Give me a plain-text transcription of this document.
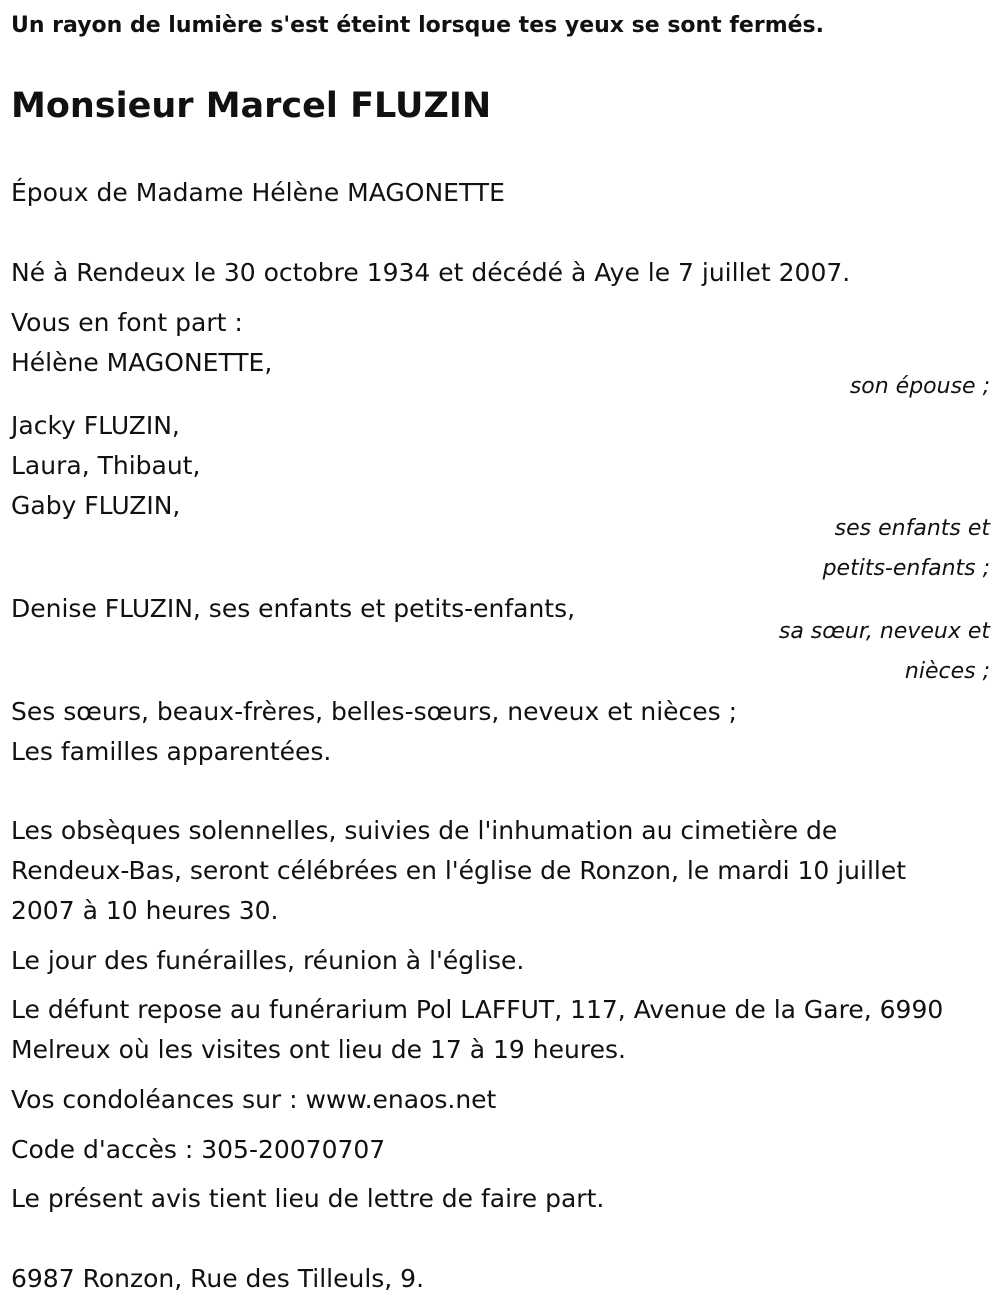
Un rayon de lumière s'est éteint lorsque tes yeux se sont fermés.
Monsieur Marcel FLUZIN
Époux de Madame Hélène MAGONETTE
Né à Rendeux le 30 octobre 1934 et décédé à Aye le 7 juillet 2007.
Vous en font part :
Hélène MAGONETTE,
son épouse ;
Jacky FLUZIN,
Laura, Thibaut,
Gaby FLUZIN,
ses enfants et
petits-enfants ;
Denise FLUZIN, ses enfants et petits-enfants,
sa sœur, neveux et
nièces ;
Ses sœurs, beaux-frères, belles-sœurs, neveux et nièces ;
Les familles apparentées.
Les obsèques solennelles, suivies de l'inhumation au cimetière de
Rendeux-Bas, seront célébrées en l'église de Ronzon, le mardi 10 juillet
2007 à 10 heures 30.
Le jour des funérailles, réunion à l'église.
Le défunt repose au funérarium Pol LAFFUT, 117, Avenue de la Gare, 6990
Melreux où les visites ont lieu de 17 à 19 heures.
Vos condoléances sur : www.enaos.net
Code d'accès : 305-20070707
Le présent avis tient lieu de lettre de faire part.
6987 Ronzon, Rue des Tilleuls, 9.
